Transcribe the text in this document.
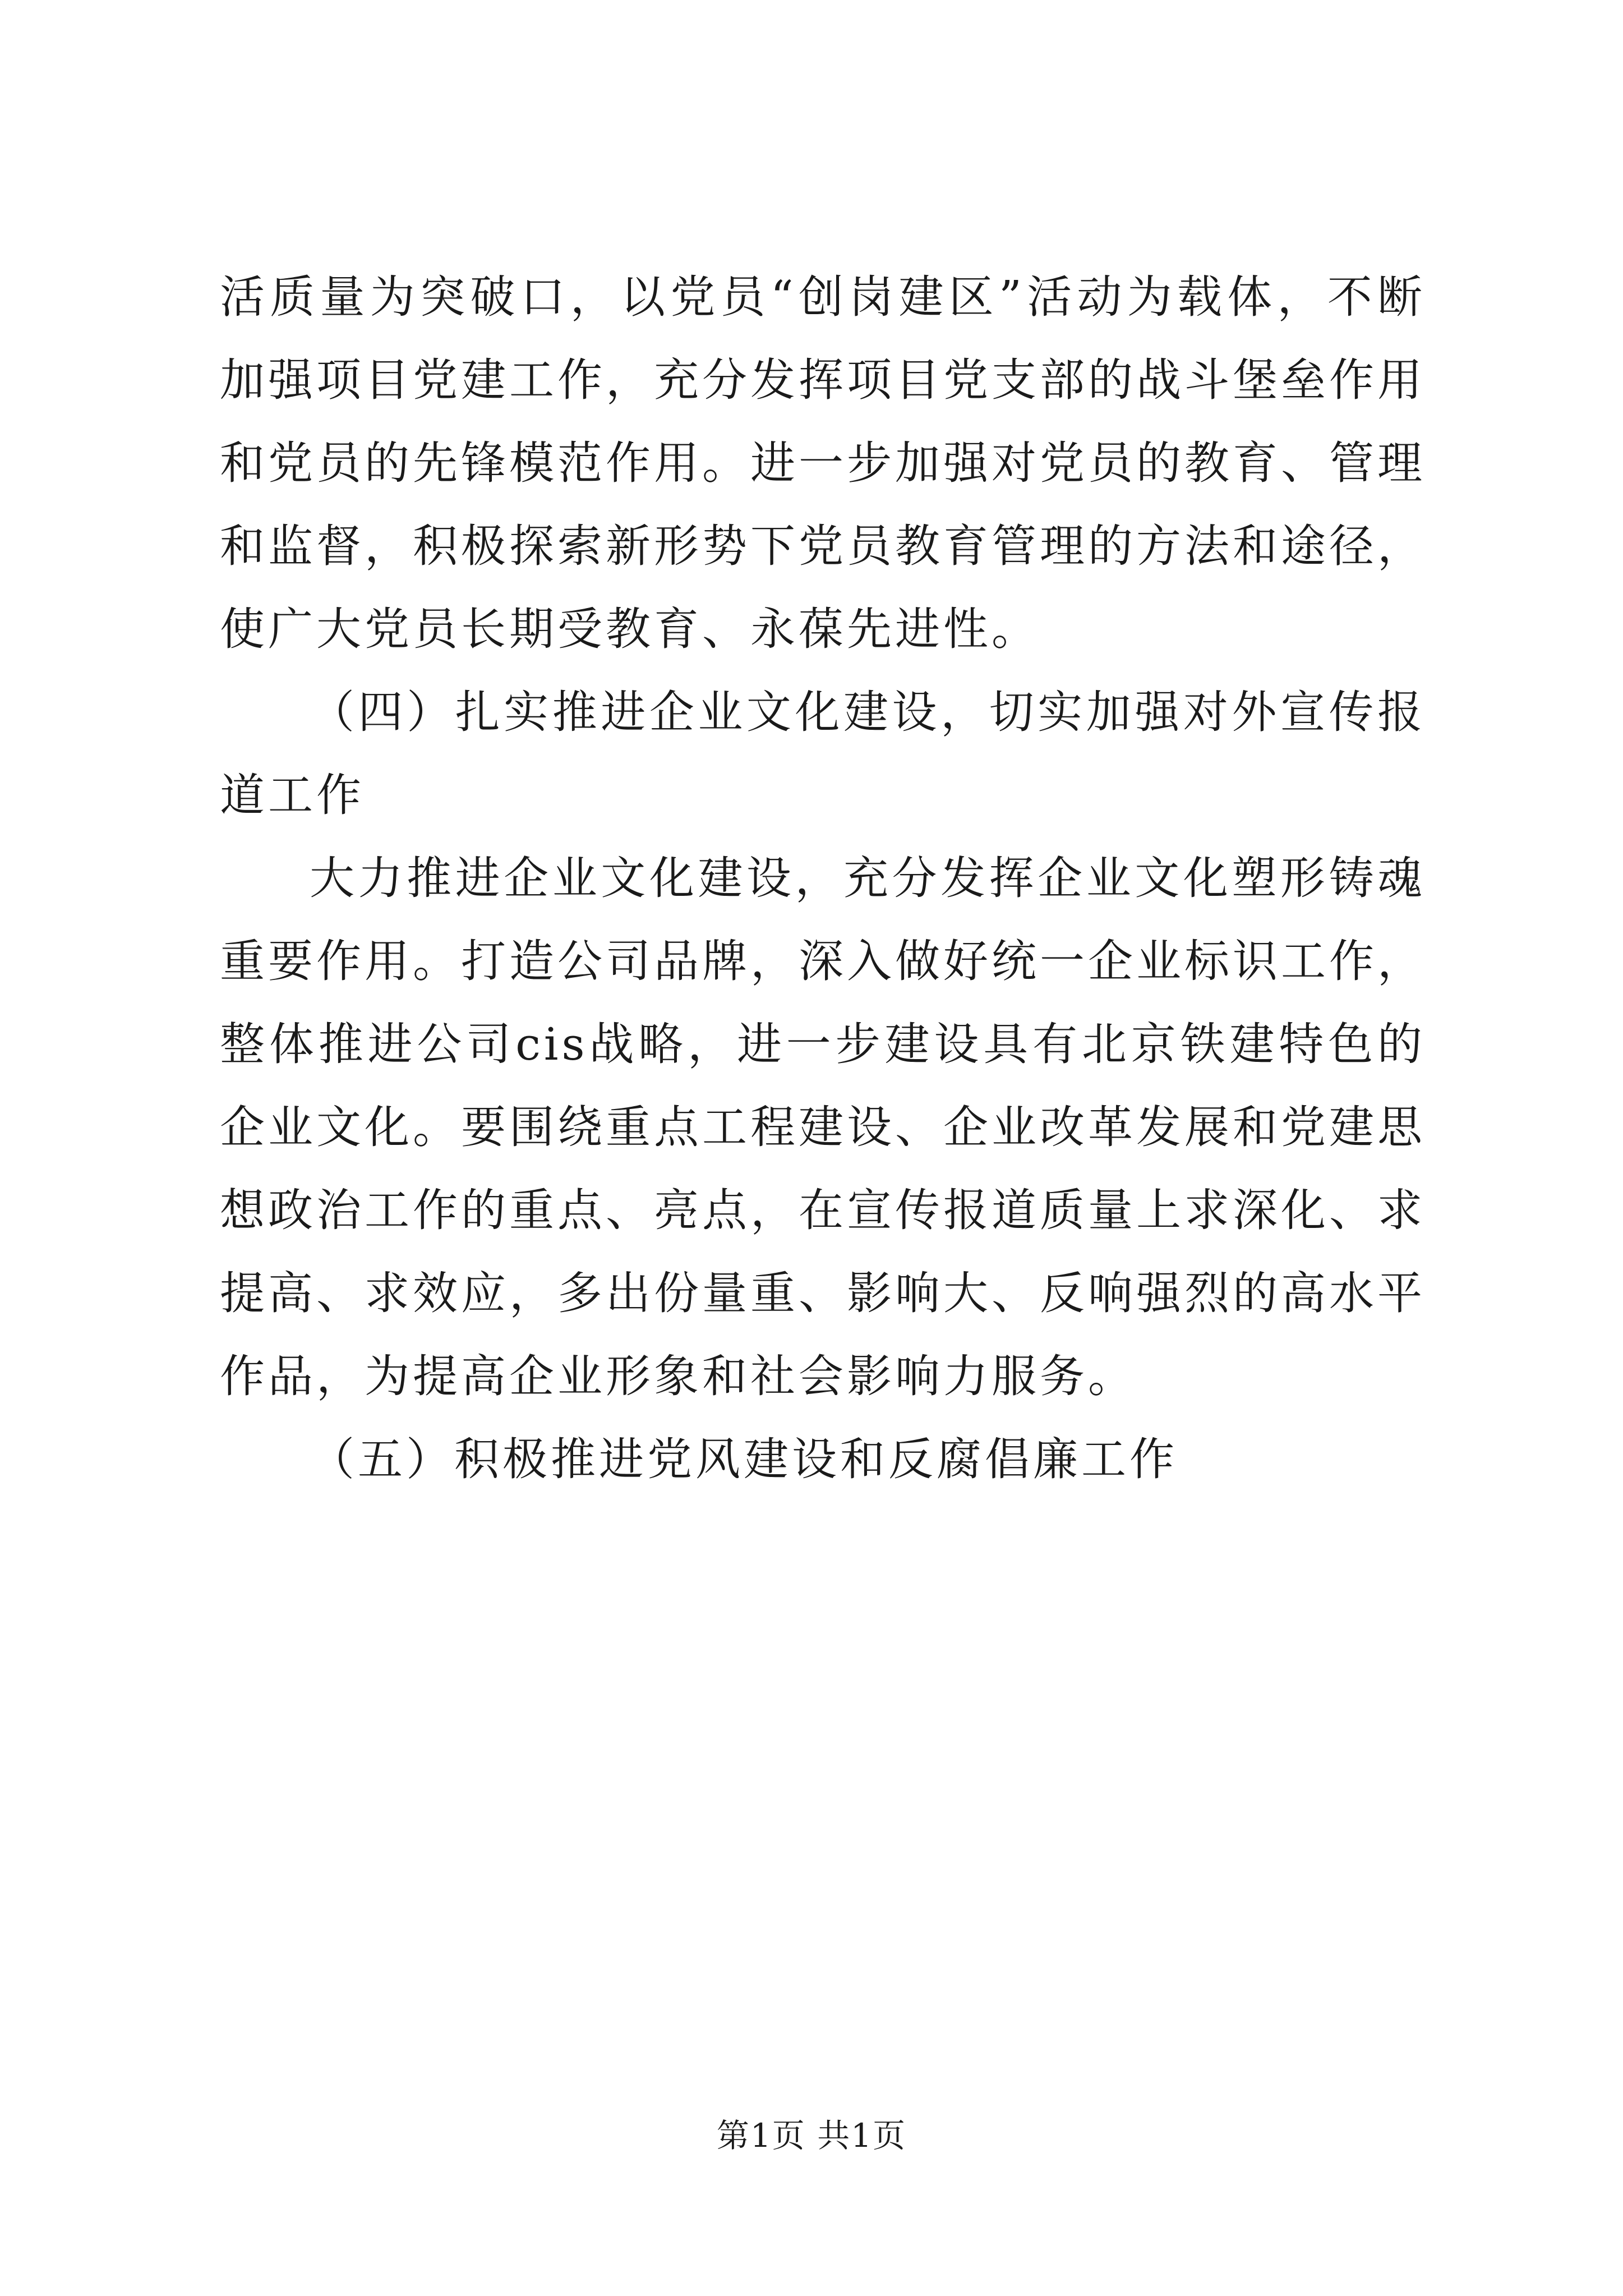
活质量为突破口，以党员“创岗建区”活动为载体，不断加强项目党建工作，充分发挥项目党支部的战斗堡垒作用和党员的先锋模范作用。进一步加强对党员的教育、管理和监督，积极探索新形势下党员教育管理的方法和途径，使广大党员长期受教育、永葆先进性。

（四）扎实推进企业文化建设，切实加强对外宣传报道工作

大力推进企业文化建设，充分发挥企业文化塑形铸魂重要作用。打造公司品牌，深入做好统一企业标识工作，整体推进公司cis战略，进一步建设具有北京铁建特色的企业文化。要围绕重点工程建设、企业改革发展和党建思想政治工作的重点、亮点，在宣传报道质量上求深化、求提高、求效应，多出份量重、影响大、反响强烈的高水平作品，为提高企业形象和社会影响力服务。

（五）积极推进党风建设和反腐倡廉工作

第1页 共1页
